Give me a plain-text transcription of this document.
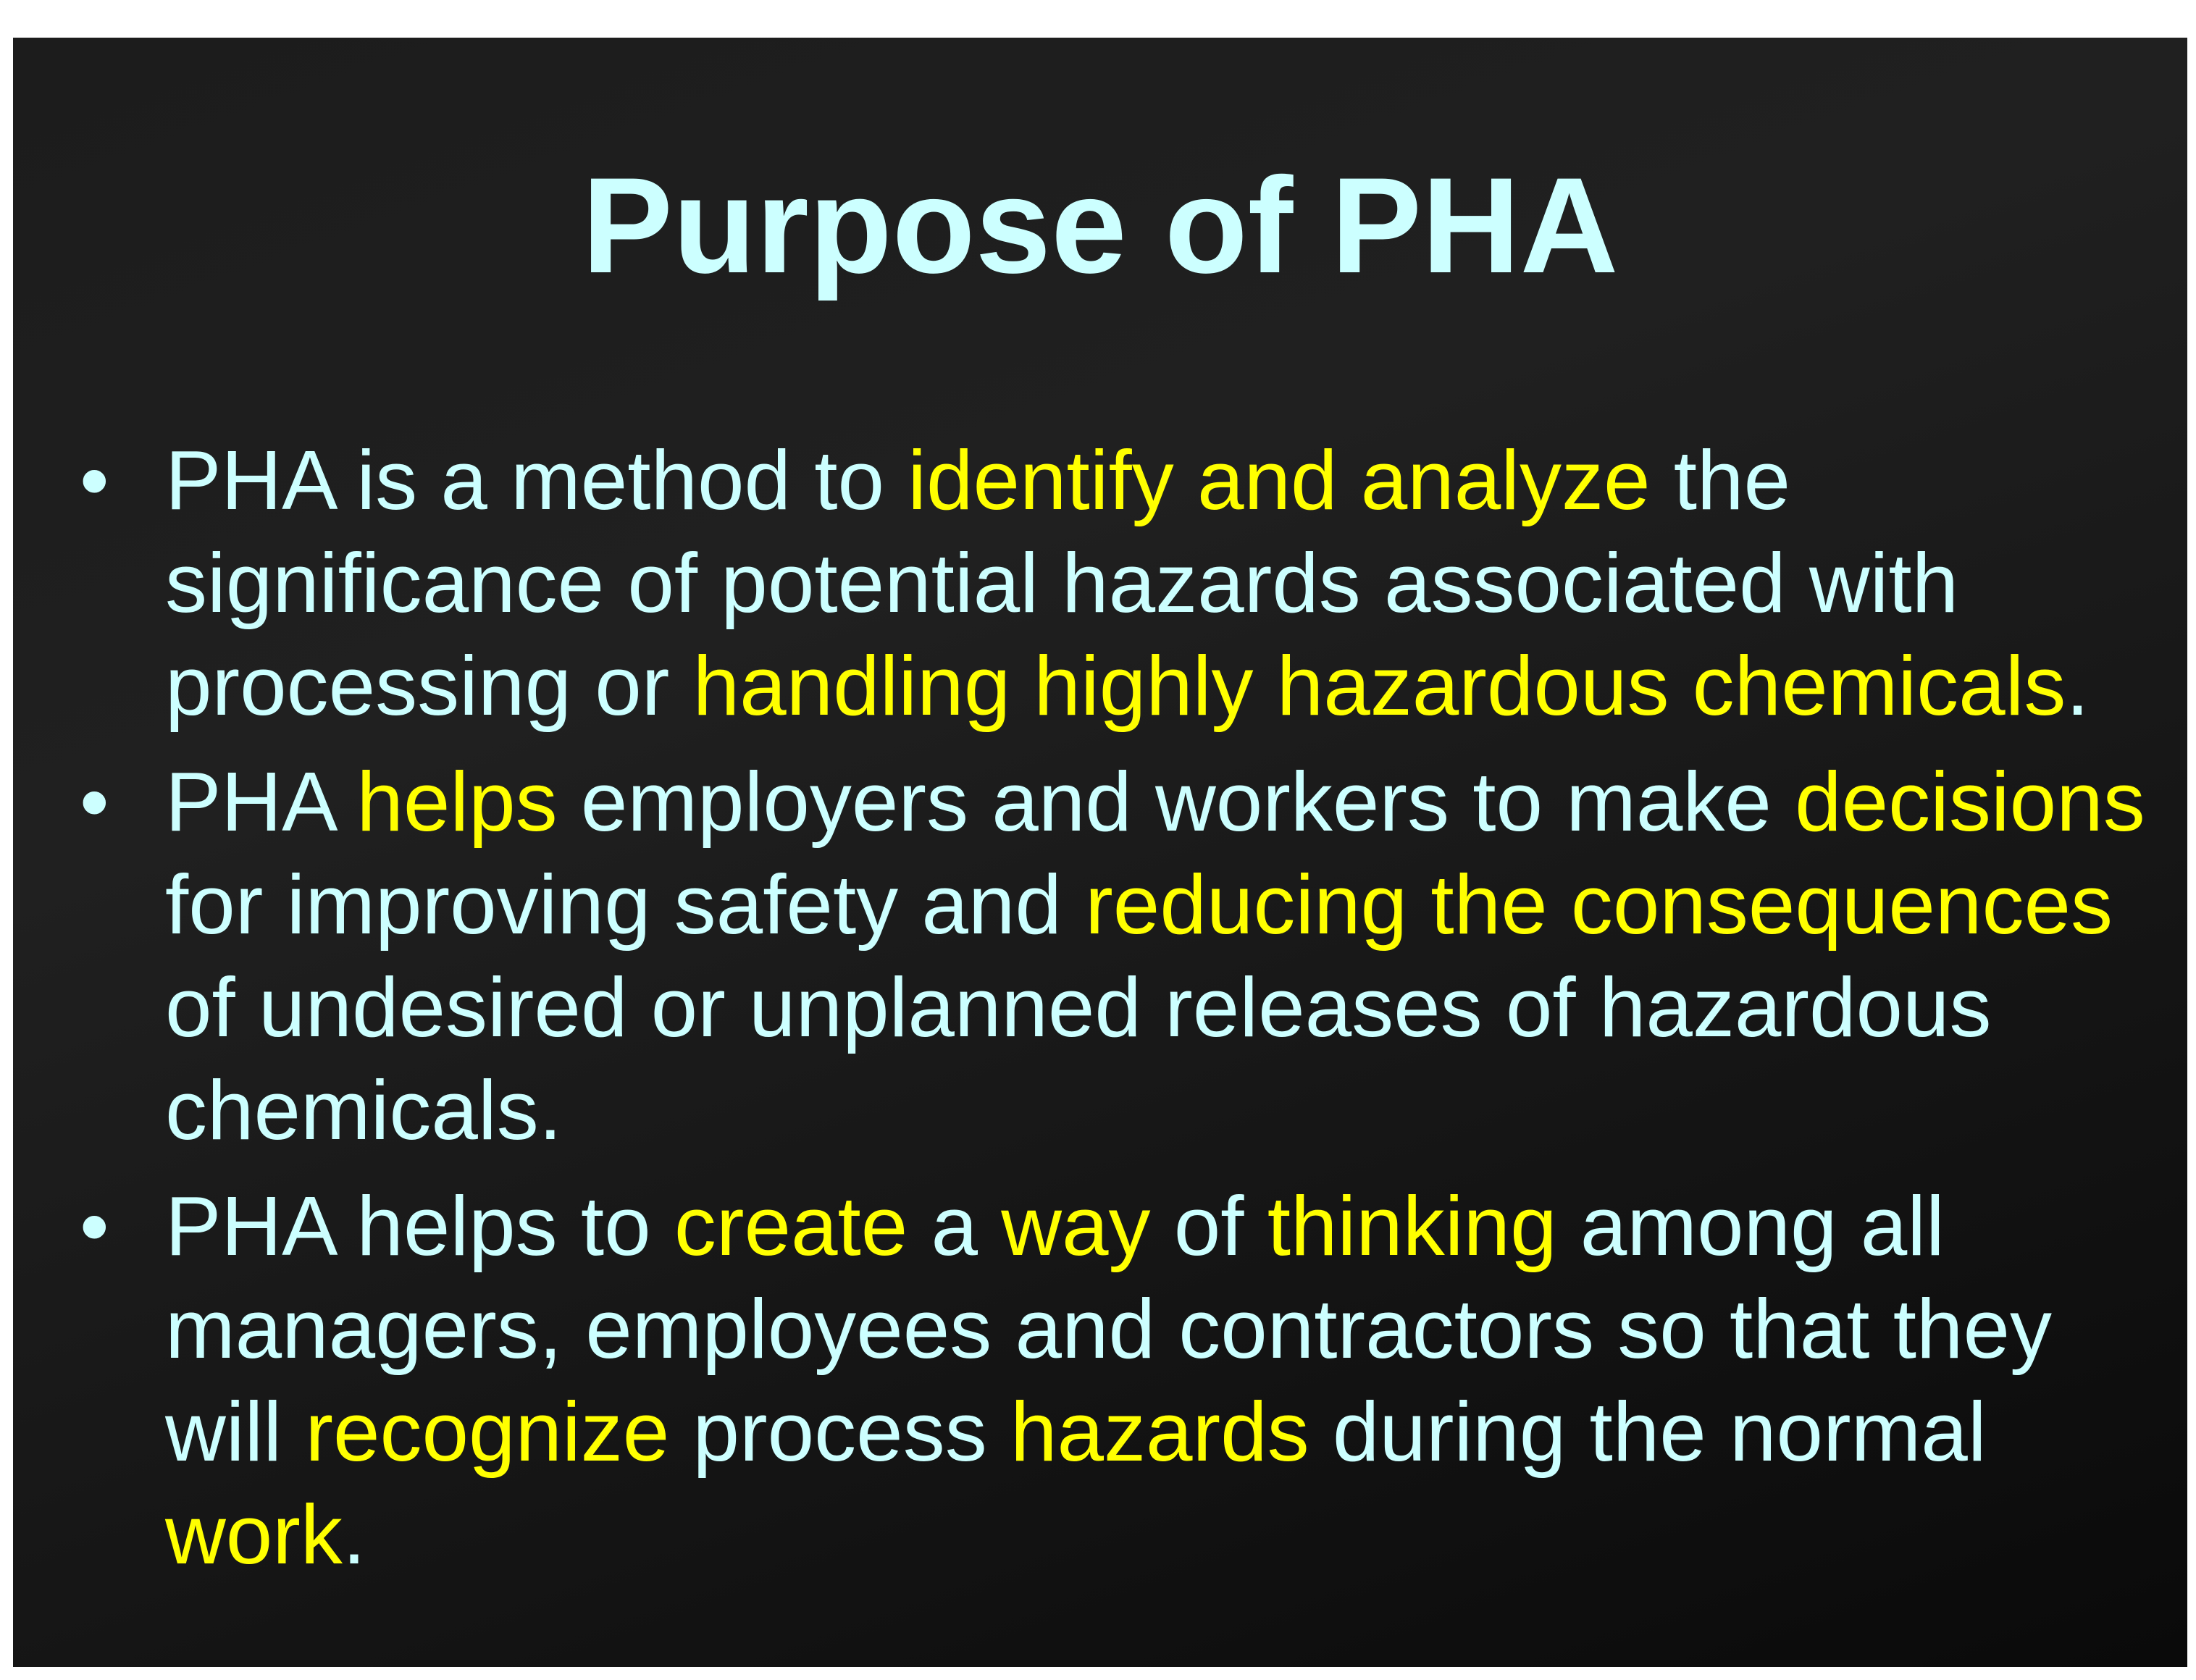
Purpose of PHA
• PHA is a method to identify and analyze the significance of potential hazards associated with processing or handling highly hazardous chemicals.
• PHA helps employers and workers to make decisions for improving safety and reducing the consequences of undesired or unplanned releases of hazardous chemicals.
• PHA helps to create a way of thinking among all managers, employees and contractors so that they will recognize process hazards during the normal work.
